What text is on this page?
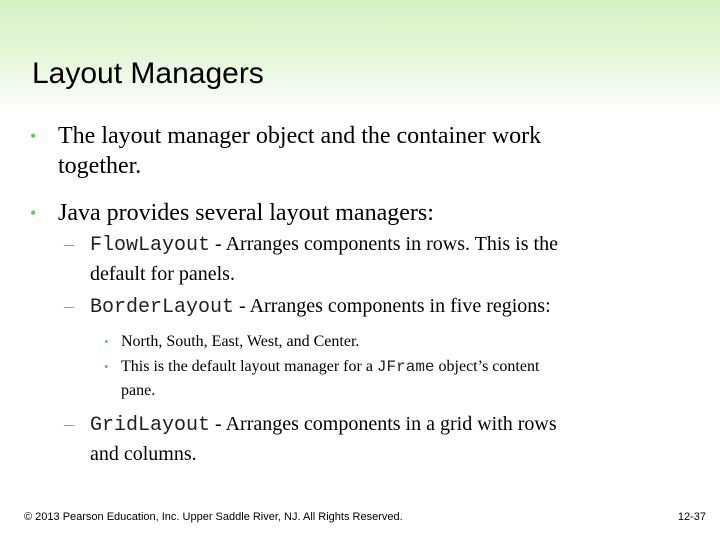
Layout Managers
• The layout manager object and the container work
together.
• Java provides several layout managers:
– FlowLayout - Arranges components in rows. This is the
default for panels.
– BorderLayout - Arranges components in five regions:
• North, South, East, West, and Center.
• This is the default layout manager for a JFrame object’s content
pane.
– GridLayout - Arranges components in a grid with rows
and columns.
© 2013 Pearson Education, Inc. Upper Saddle River, NJ. All Rights Reserved.	12-37
